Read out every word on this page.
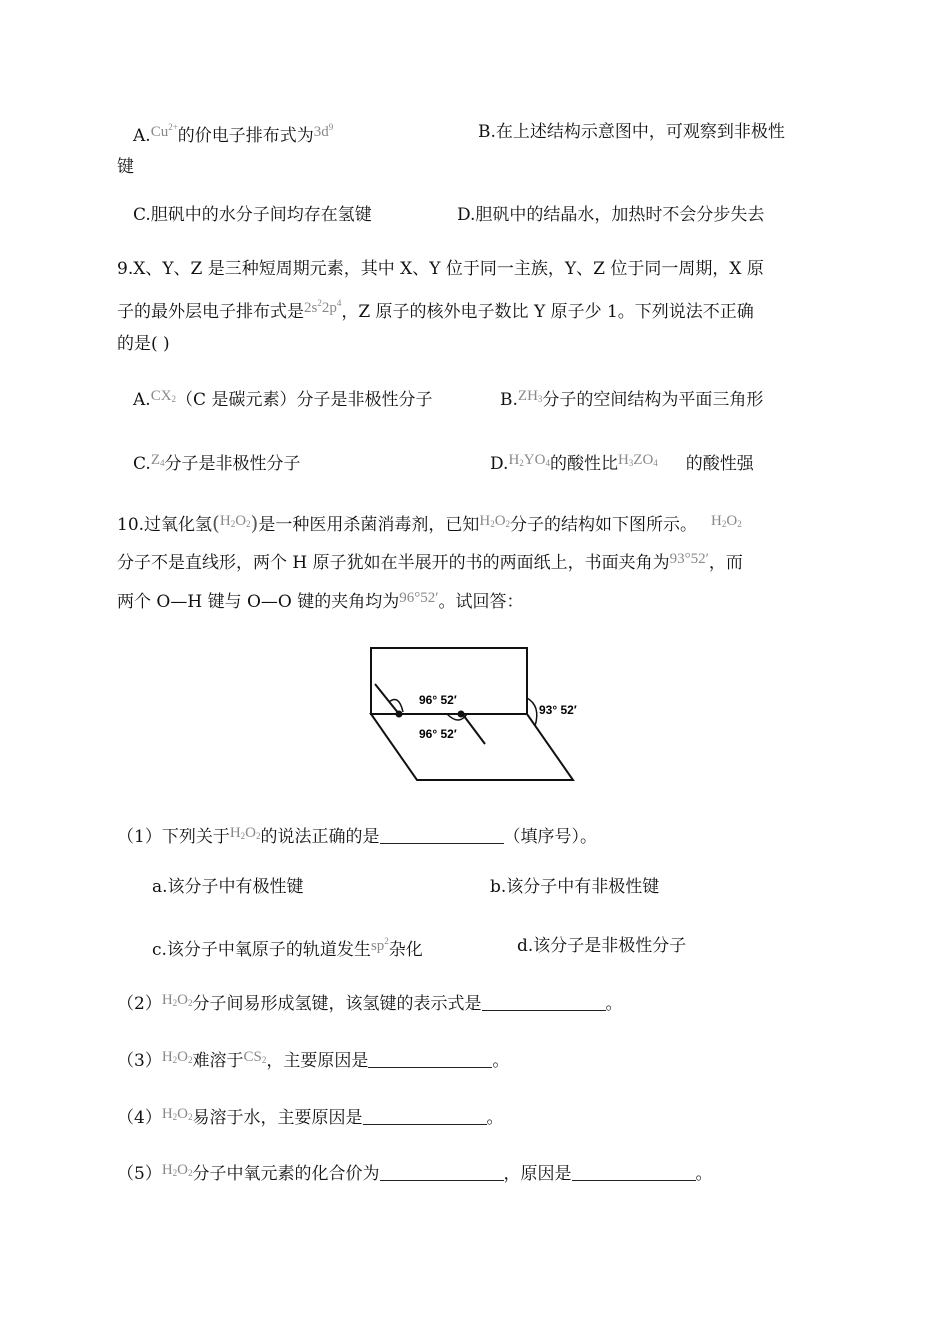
$A.Cu^{2+}$的价电子排布式为$3d^9$	B.在上述结构示意图中，可观察到非极性
键
C.胆矾中的水分子间均存在氢键	D.胆矾中的结晶水，加热时不会分步失去
9.X、Y、Z 是三种短周期元素，其中 X、Y 位于同一主族，Y、Z 位于同一周期，X 原
子的最外层电子排布式是$2s^22p^4$，Z 原子的核外电子数比 Y 原子少 1。下列说法不正确
的是( )
$A.CX_2(C$ 是碳元素）分子是非极性分子	$B.ZH_3$分子的空间结构为平面三角形
$C.Z_4$分子是非极性分子	$D.H_2YO_4$的酸性比$H_3ZO_4$ 的酸性强
10.过氧化氢$(H_2O_2)$是一种医用杀菌消毒剂，已知$H_2O_2$分子的结构如下图所示。 $H_2O_2$
分子不是直线形，两个 H 原子犹如在半展开的书的两面纸上，书面夹角为93°52′，而
两个 O—H 键与 O—O 键的夹角均为96°52′。试回答：
96° 52′
96° 52′
93° 52′
（1）下列关于$H_2O_2$的说法正确的是	（填序号）。
a.该分子中有极性键	b.该分子中有非极性键
c.该分子中氧原子的轨道发生$sp^2$杂化	d.该分子是非极性分子
$(2)H_2O_2$分子间易形成氢键，该氢键的表示式是	。
$(3)H_2O_2$难溶于$CS_2$，主要原因是	。
$(4)H_2O_2$易溶于水，主要原因是	。
$(5)H_2O_2$分子中氧元素的化合价为	，原因是	。
